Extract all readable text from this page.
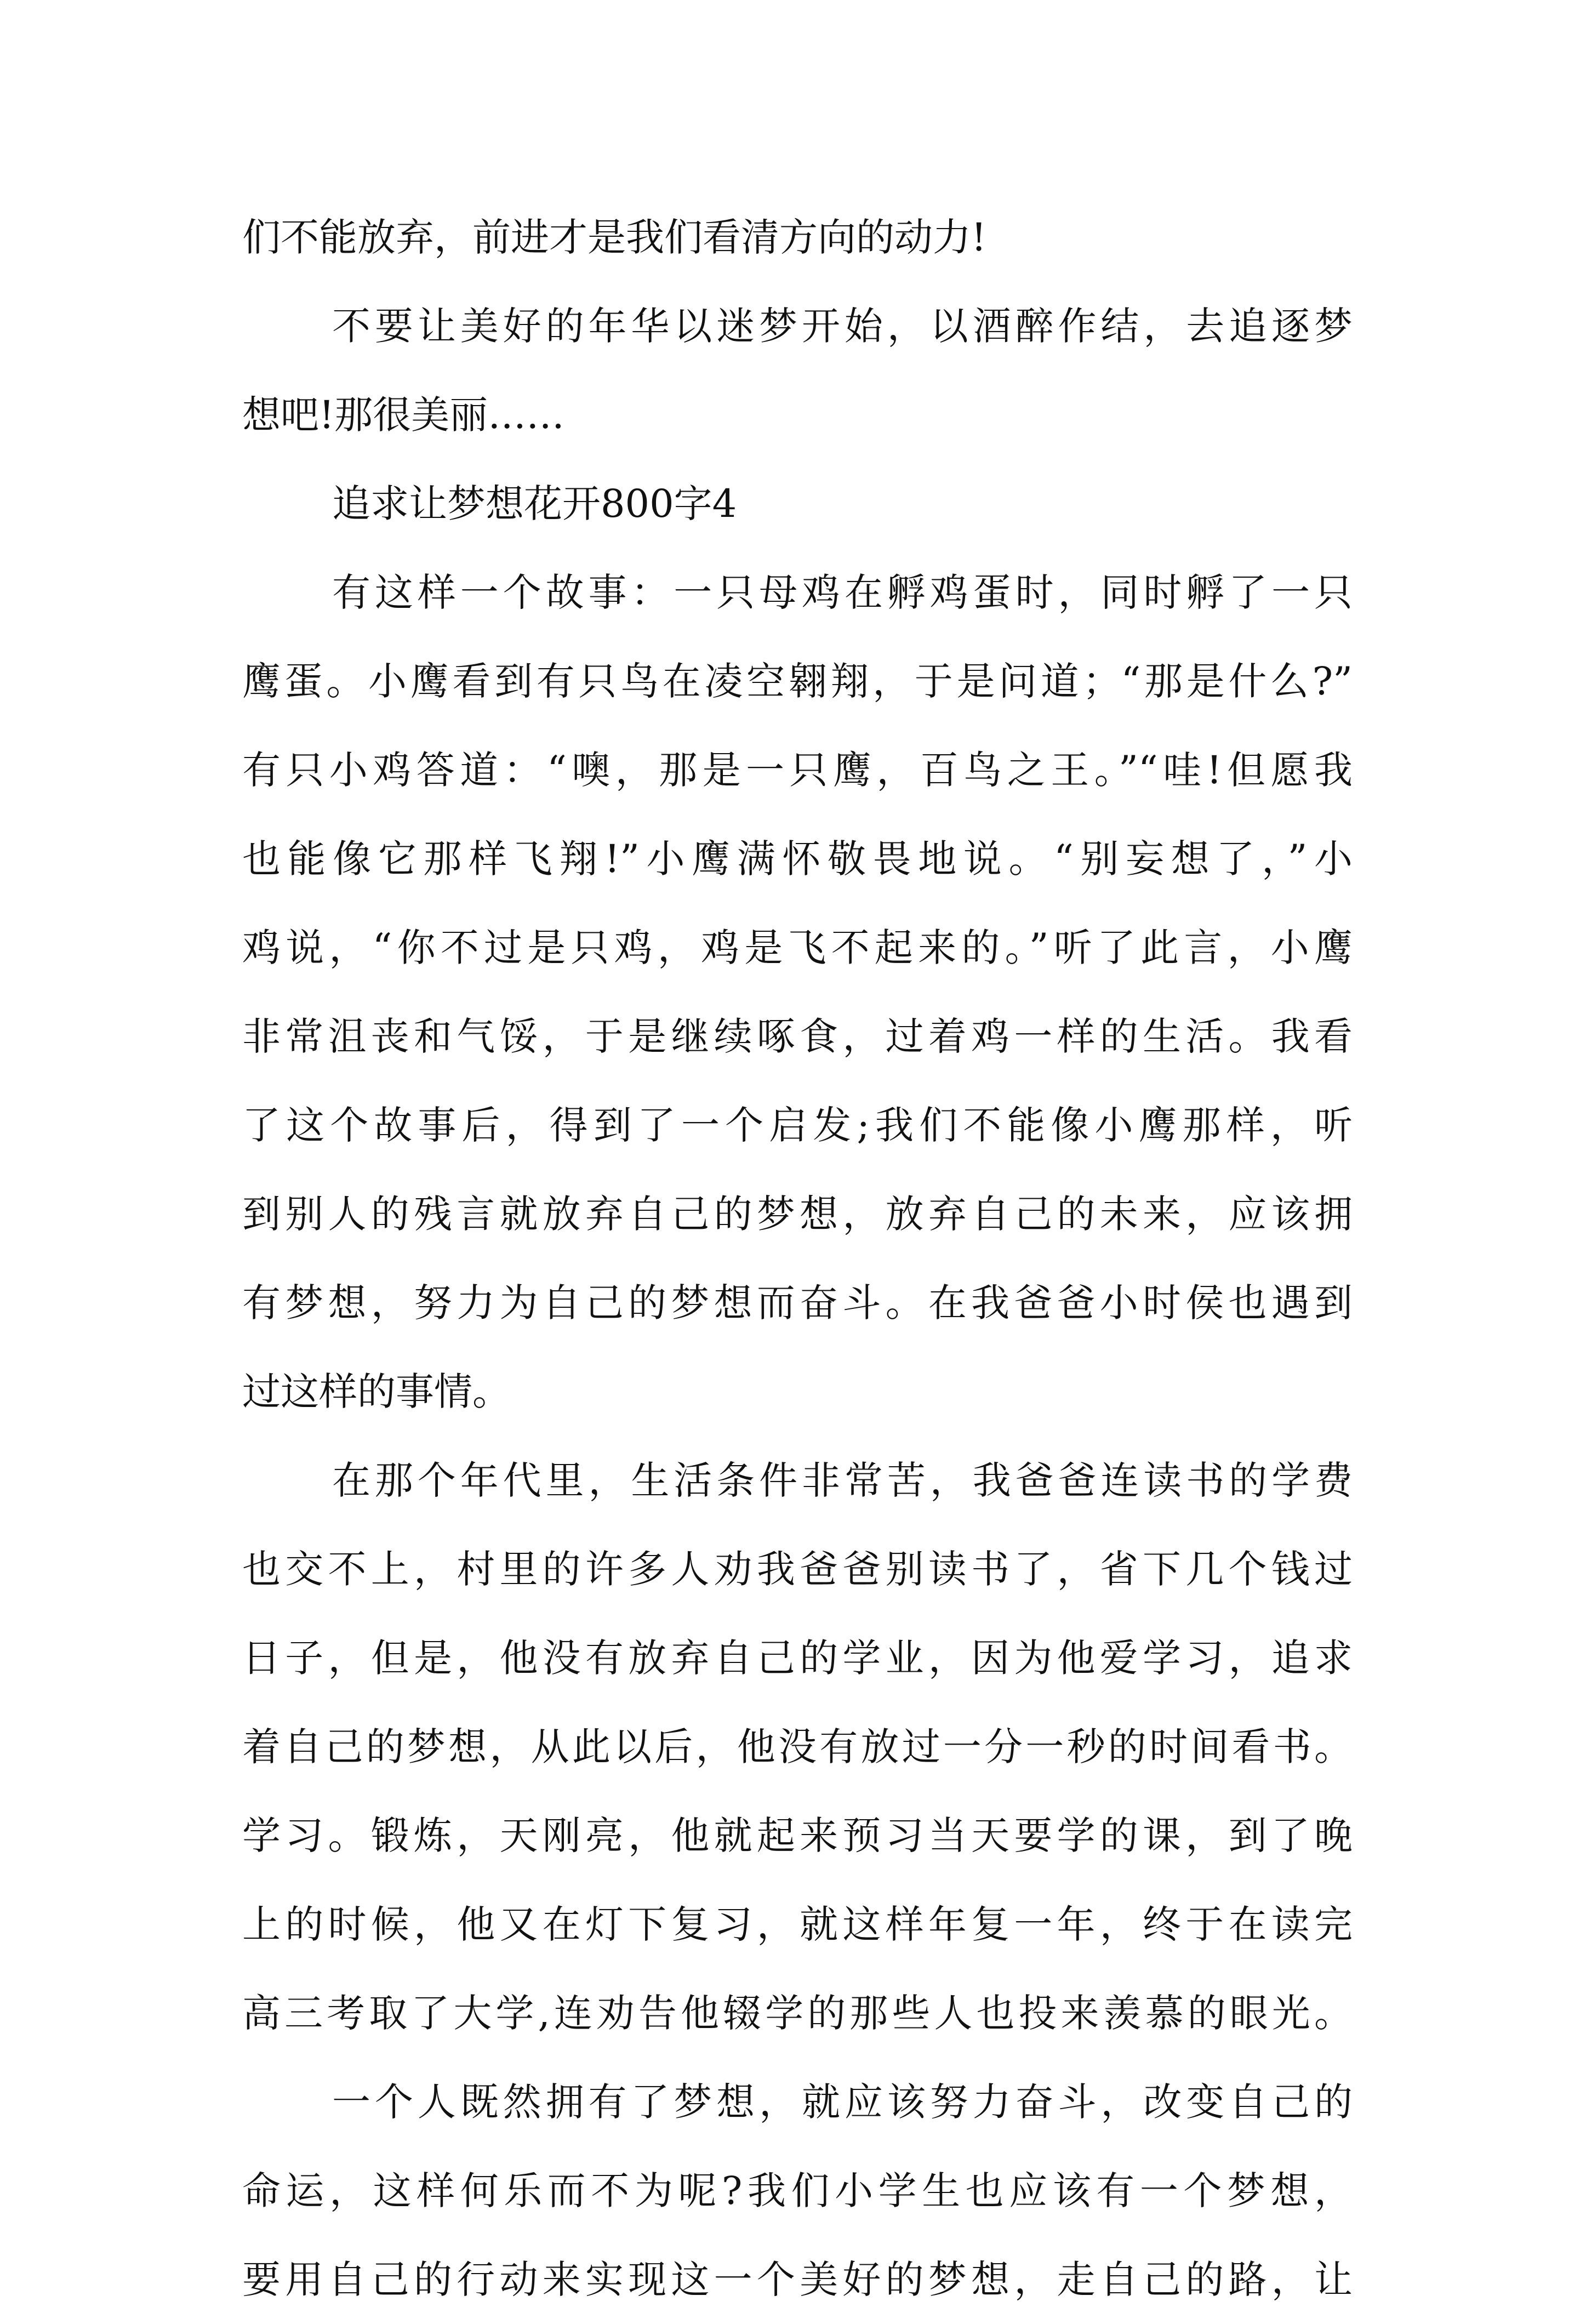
们不能放弃，前进才是我们看清方向的动力!
不要让美好的年华以迷梦开始，以酒醉作结，去追逐梦
想吧!那很美丽……
追求让梦想花开800字4
有这样一个故事：一只母鸡在孵鸡蛋时，同时孵了一只
鹰蛋。小鹰看到有只鸟在凌空翱翔，于是问道；“那是什么?”
有只小鸡答道：“噢，那是一只鹰，百鸟之王。”“哇!但愿我
也能像它那样飞翔!”小鹰满怀敬畏地说。“别妄想了，”小
鸡说，“你不过是只鸡，鸡是飞不起来的。”听了此言，小鹰
非常沮丧和气馁，于是继续啄食，过着鸡一样的生活。我看
了这个故事后，得到了一个启发;我们不能像小鹰那样，听
到别人的残言就放弃自己的梦想，放弃自己的未来，应该拥
有梦想，努力为自己的梦想而奋斗。在我爸爸小时侯也遇到
过这样的事情。
在那个年代里，生活条件非常苦，我爸爸连读书的学费
也交不上，村里的许多人劝我爸爸别读书了，省下几个钱过
日子，但是，他没有放弃自己的学业，因为他爱学习，追求
着自己的梦想，从此以后，他没有放过一分一秒的时间看书。
学习。锻炼，天刚亮，他就起来预习当天要学的课，到了晚
上的时候，他又在灯下复习，就这样年复一年，终于在读完
高三考取了大学,连劝告他辍学的那些人也投来羡慕的眼光。
一个人既然拥有了梦想，就应该努力奋斗，改变自己的
命运，这样何乐而不为呢?我们小学生也应该有一个梦想，
要用自己的行动来实现这一个美好的梦想，走自己的路，让
